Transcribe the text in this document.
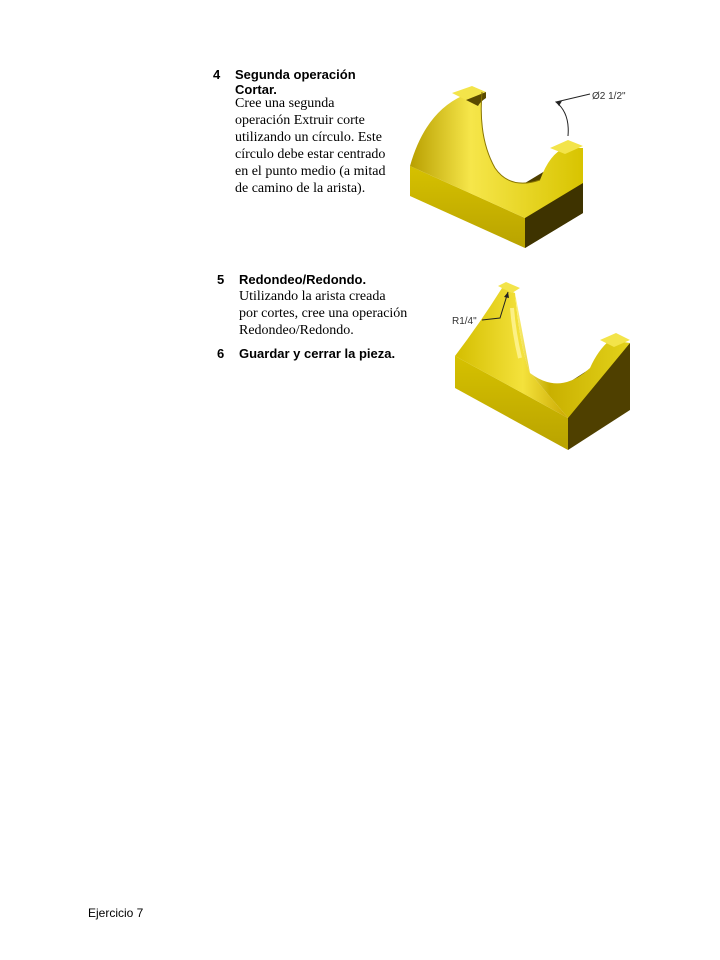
4 Segunda operación
Cortar.
Cree una segunda
operación Extruir corte
utilizando un círculo. Este
círculo debe estar centrado
en el punto medio (a mitad
de camino de la arista).
Ø2 1/2"
5 Redondeo/Redondo.
Utilizando la arista creada
por cortes, cree una operación
Redondeo/Redondo.
6 Guardar y cerrar la pieza.
R1/4"
Ejercicio 7
